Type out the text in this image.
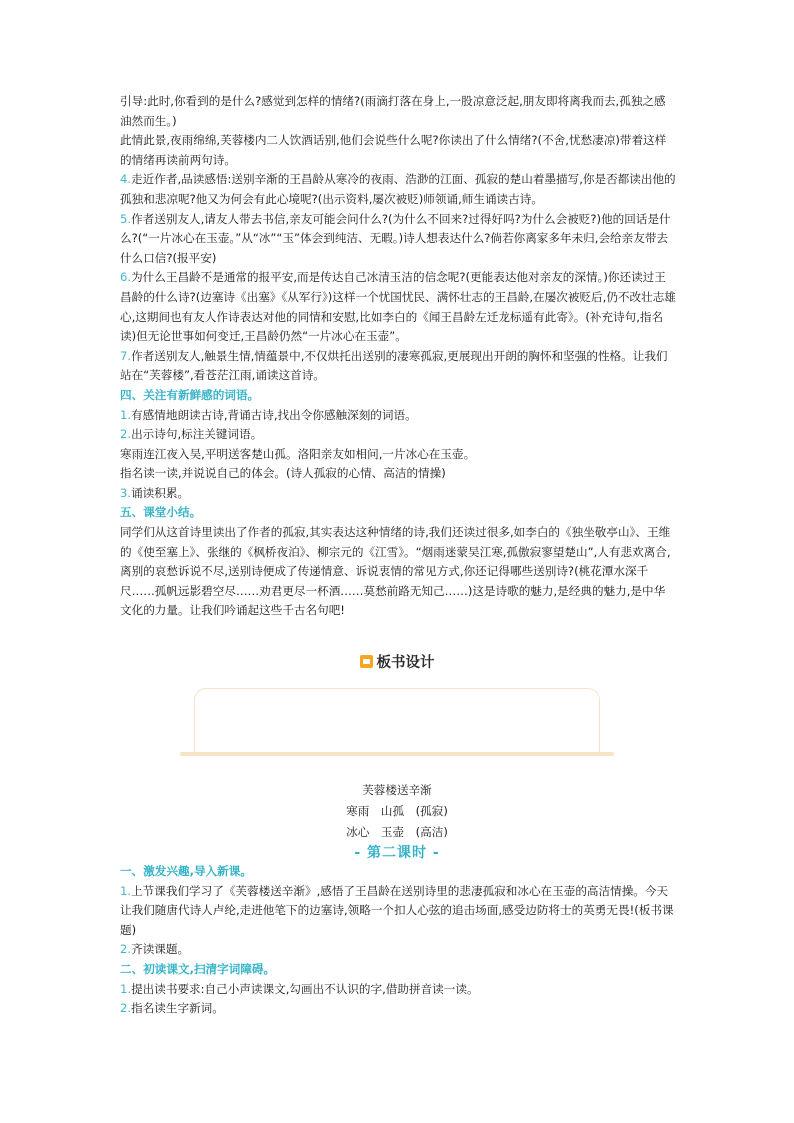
引导:此时,你看到的是什么?感觉到怎样的情绪?(雨滴打落在身上,一股凉意泛起,朋友即将离我而去,孤独之感油然而生。)

此情此景,夜雨绵绵,芙蓉楼内二人饮酒话别,他们会说些什么呢?你读出了什么情绪?(不舍,忧愁凄凉)带着这样的情绪再读前两句诗。

4.走近作者,品读感悟:送别辛渐的王昌龄从寒冷的夜雨、浩渺的江面、孤寂的楚山着墨描写,你是否都读出他的孤独和悲凉呢?他又为何会有此心境呢?(出示资料,屡次被贬)师领诵,师生诵读古诗。

5.作者送别友人,请友人带去书信,亲友可能会问什么?(为什么不回来?过得好吗?为什么会被贬?)他的回话是什么?(“一片冰心在玉壶。”从“冰”“玉”体会到纯洁、无暇。)诗人想表达什么?倘若你离家多年未归,会给亲友带去什么口信?(报平安)

6.为什么王昌龄不是通常的报平安,而是传达自己冰清玉洁的信念呢?(更能表达他对亲友的深情。)你还读过王昌龄的什么诗?(边塞诗《出塞》《从军行》)这样一个忧国忧民、满怀壮志的王昌龄,在屡次被贬后,仍不改壮志雄心,这期间也有友人作诗表达对他的同情和安慰,比如李白的《闻王昌龄左迁龙标遥有此寄》。(补充诗句,指名读)但无论世事如何变迁,王昌龄仍然“一片冰心在玉壶”。

7.作者送别友人,触景生情,情蕴景中,不仅烘托出送别的凄寒孤寂,更展现出开朗的胸怀和坚强的性格。让我们站在“芙蓉楼”,看苍茫江雨,诵读这首诗。

四、关注有新鲜感的词语。

1.有感情地朗读古诗,背诵古诗,找出令你感触深刻的词语。

2.出示诗句,标注关键词语。

寒雨连江夜入吴,平明送客楚山孤。洛阳亲友如相问,一片冰心在玉壶。

指名读一读,并说说自己的体会。(诗人孤寂的心情、高洁的情操)

3.诵读积累。

五、课堂小结。

同学们从这首诗里读出了作者的孤寂,其实表达这种情绪的诗,我们还读过很多,如李白的《独坐敬亭山》、王维的《使至塞上》、张继的《枫桥夜泊》、柳宗元的《江雪》。“烟雨迷蒙吴江寒,孤傲寂寥望楚山”,人有悲欢离合,离别的哀愁诉说不尽,送别诗便成了传递情意、诉说衷情的常见方式,你还记得哪些送别诗?(桃花潭水深千尺……孤帆远影碧空尽……劝君更尽一杯酒……莫愁前路无知己……)这是诗歌的魅力,是经典的魅力,是中华文化的力量。让我们吟诵起这些千古名句吧!

板书设计
芙蓉楼送辛渐
寒雨　山孤　(孤寂)
冰心　玉壶　(高洁)
- 第二课时 -

一、激发兴趣,导入新课。

1.上节课我们学习了《芙蓉楼送辛渐》,感悟了王昌龄在送别诗里的悲凄孤寂和冰心在玉壶的高洁情操。今天让我们随唐代诗人卢纶,走进他笔下的边塞诗,领略一个扣人心弦的追击场面,感受边防将士的英勇无畏!(板书课题)

2.齐读课题。

二、初读课文,扫清字词障碍。

1.提出读书要求:自己小声读课文,勾画出不认识的字,借助拼音读一读。

2.指名读生字新词。
